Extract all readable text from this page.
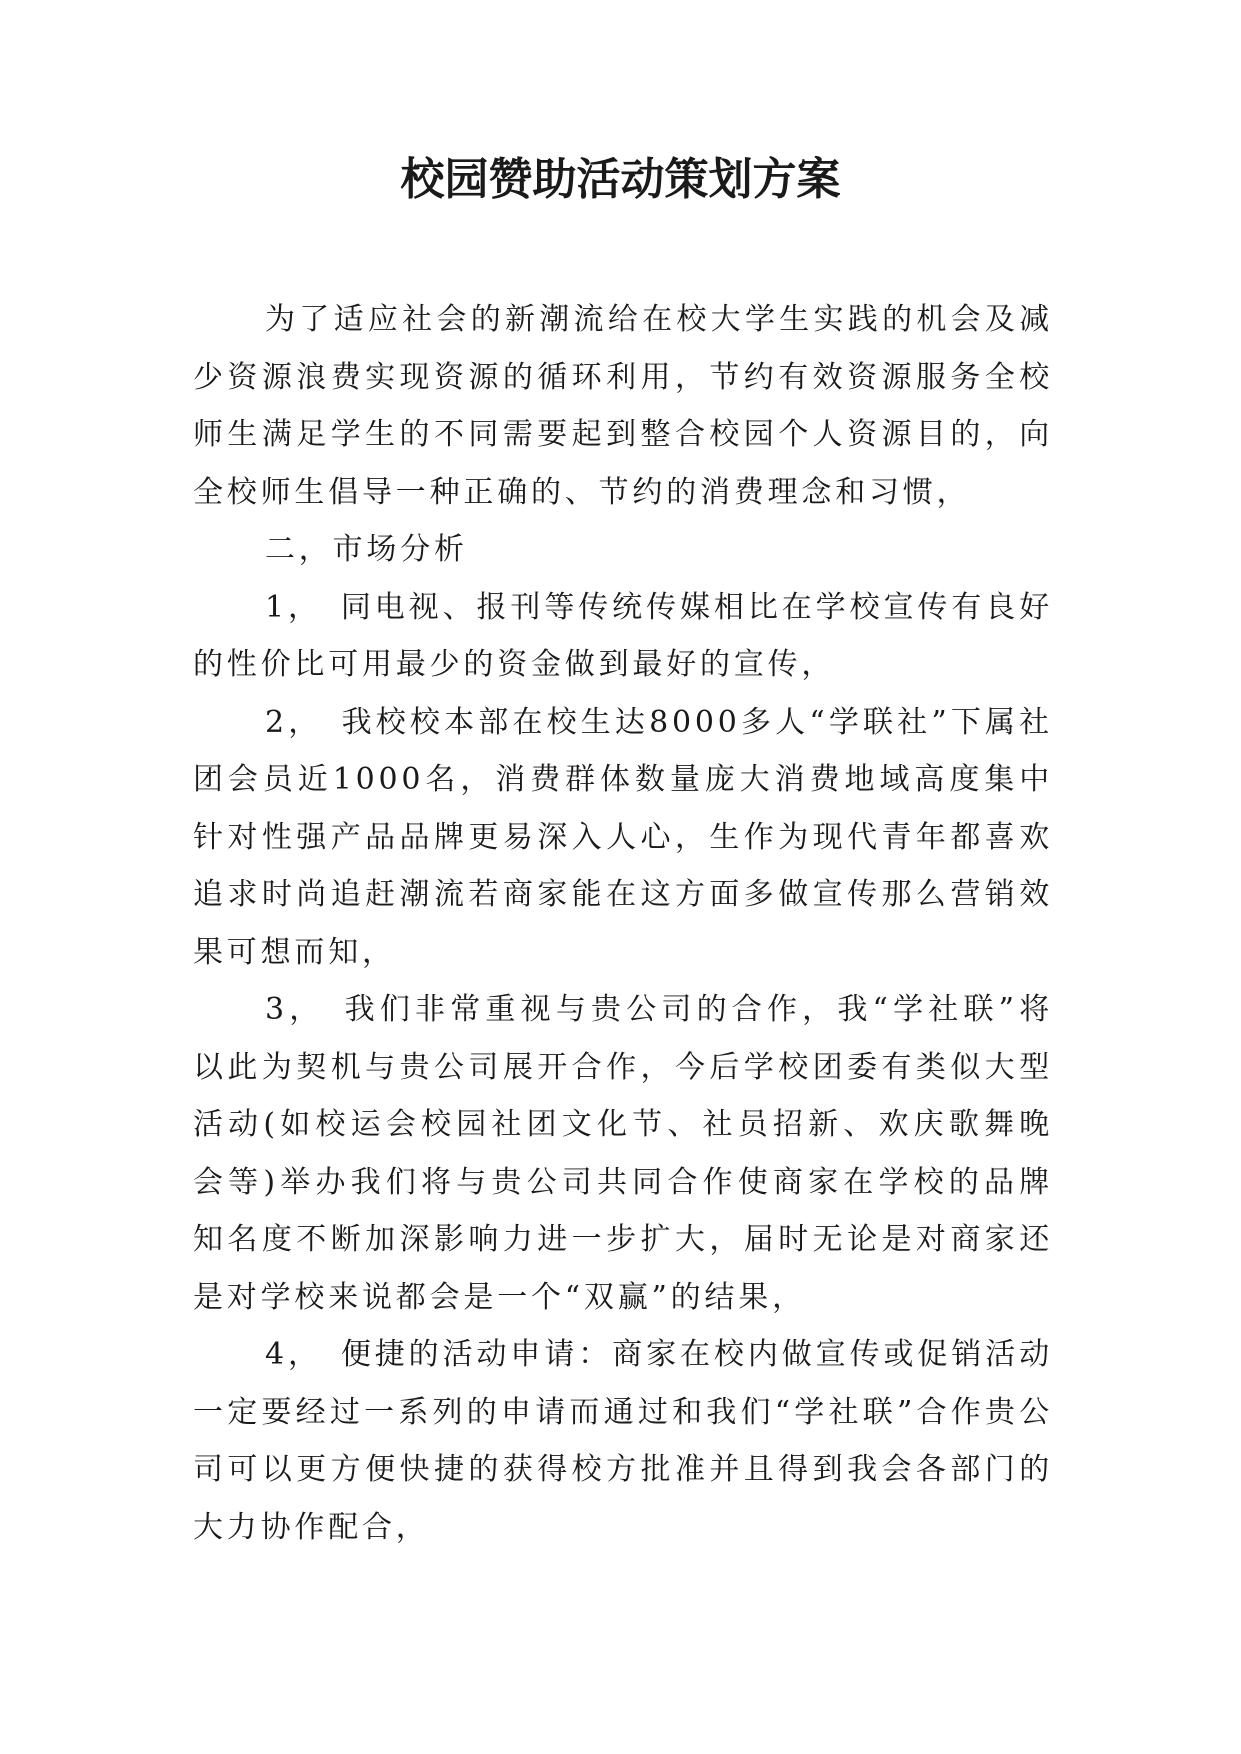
校园赞助活动策划方案

为了适应社会的新潮流给在校大学生实践的机会及减少资源浪费实现资源的循环利用，节约有效资源服务全校师生满足学生的不同需要起到整合校园个人资源目的，向全校师生倡导一种正确的、节约的消费理念和习惯，

二，市场分析

1，　同电视、报刊等传统传媒相比在学校宣传有良好的性价比可用最少的资金做到最好的宣传，

2，　我校校本部在校生达8000多人“学联社”下属社团会员近1000名，消费群体数量庞大消费地域高度集中针对性强产品品牌更易深入人心，生作为现代青年都喜欢追求时尚追赶潮流若商家能在这方面多做宣传那么营销效果可想而知，

3，　我们非常重视与贵公司的合作，我“学社联”将以此为契机与贵公司展开合作，今后学校团委有类似大型活动(如校运会校园社团文化节、社员招新、欢庆歌舞晚会等)举办我们将与贵公司共同合作使商家在学校的品牌知名度不断加深影响力进一步扩大，届时无论是对商家还是对学校来说都会是一个“双赢”的结果，

4，　便捷的活动申请：商家在校内做宣传或促销活动一定要经过一系列的申请而通过和我们“学社联”合作贵公司可以更方便快捷的获得校方批准并且得到我会各部门的大力协作配合，
